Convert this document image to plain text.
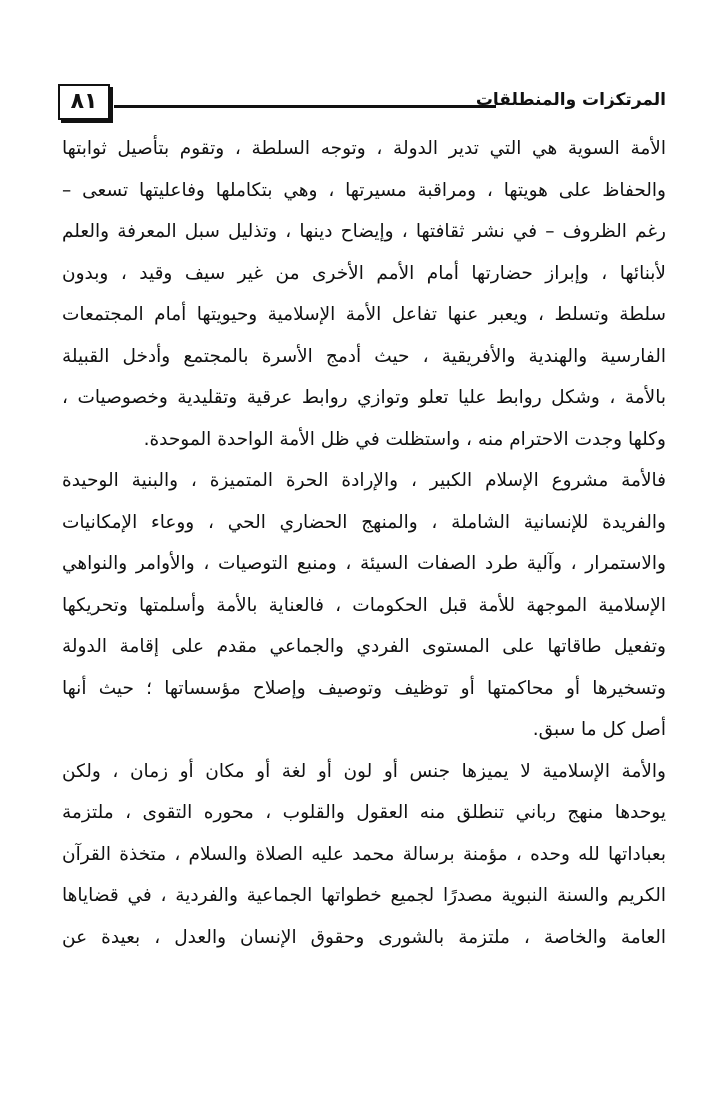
٨١	المرتكزات والمنطلقات
الأمة السوية هي التي تدير الدولة ، وتوجه السلطة ، وتقوم بتأصيل ثوابتها
والحفاظ على هويتها ، ومراقبة مسيرتها ، وهي بتكاملها وفاعليتها تسعى –
رغم الظروف – في نشر ثقافتها ، وإيضاح دينها ، وتذليل سبل المعرفة والعلم
لأبنائها ، وإبراز حضارتها أمام الأمم الأخرى من غير سيف وقيد ، وبدون
سلطة وتسلط ، ويعبر عنها تفاعل الأمة الإسلامية وحيويتها أمام المجتمعات
الفارسية والهندية والأفريقية ، حيث أدمج الأسرة بالمجتمع وأدخل القبيلة
بالأمة ، وشكل روابط عليا تعلو وتوازي روابط عرقية وتقليدية وخصوصيات ،
وكلها وجدت الاحترام منه ، واستظلت في ظل الأمة الواحدة الموحدة.
فالأمة مشروع الإسلام الكبير ، والإرادة الحرة المتميزة ، والبنية الوحيدة
والفريدة للإنسانية الشاملة ، والمنهج الحضاري الحي ، ووعاء الإمكانيات
والاستمرار ، وآلية طرد الصفات السيئة ، ومنبع التوصيات ، والأوامر والنواهي
الإسلامية الموجهة للأمة قبل الحكومات ، فالعناية بالأمة وأسلمتها وتحريكها
وتفعيل طاقاتها على المستوى الفردي والجماعي مقدم على إقامة الدولة
وتسخيرها أو محاكمتها أو توظيف وتوصيف وإصلاح مؤسساتها ؛ حيث أنها
أصل كل ما سبق.
والأمة الإسلامية لا يميزها جنس أو لون أو لغة أو مكان أو زمان ، ولكن
يوحدها منهج رباني تنطلق منه العقول والقلوب ، محوره التقوى ، ملتزمة
بعباداتها لله وحده ، مؤمنة برسالة محمد عليه الصلاة والسلام ، متخذة القرآن
الكريم والسنة النبوية مصدرًا لجميع خطواتها الجماعية والفردية ، في قضاياها
العامة والخاصة ، ملتزمة بالشورى وحقوق الإنسان والعدل ، بعيدة عن
